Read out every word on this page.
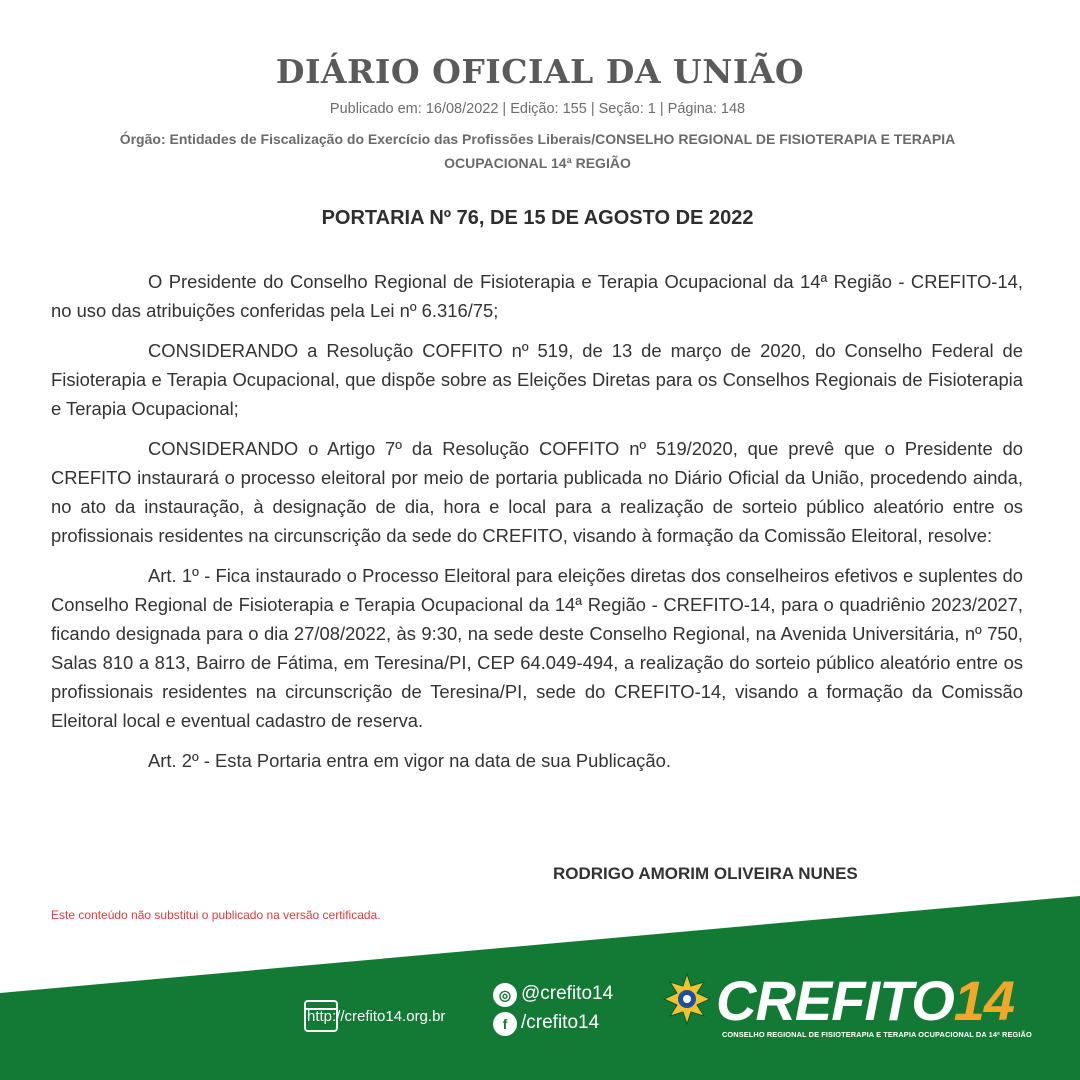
DIÁRIO OFICIAL DA UNIÃO
Publicado em: 16/08/2022 | Edição: 155 | Seção: 1 | Página: 148
Órgão: Entidades de Fiscalização do Exercício das Profissões Liberais/CONSELHO REGIONAL DE FISIOTERAPIA E TERAPIA OCUPACIONAL 14ª REGIÃO
PORTARIA Nº 76, DE 15 DE AGOSTO DE 2022

O Presidente do Conselho Regional de Fisioterapia e Terapia Ocupacional da 14ª Região - CREFITO-14, no uso das atribuições conferidas pela Lei nº 6.316/75;

CONSIDERANDO a Resolução COFFITO nº 519, de 13 de março de 2020, do Conselho Federal de Fisioterapia e Terapia Ocupacional, que dispõe sobre as Eleições Diretas para os Conselhos Regionais de Fisioterapia e Terapia Ocupacional;

CONSIDERANDO o Artigo 7º da Resolução COFFITO nº 519/2020, que prevê que o Presidente do CREFITO instaurará o processo eleitoral por meio de portaria publicada no Diário Oficial da União, procedendo ainda, no ato da instauração, à designação de dia, hora e local para a realização de sorteio público aleatório entre os profissionais residentes na circunscrição da sede do CREFITO, visando à formação da Comissão Eleitoral, resolve:

Art. 1º - Fica instaurado o Processo Eleitoral para eleições diretas dos conselheiros efetivos e suplentes do Conselho Regional de Fisioterapia e Terapia Ocupacional da 14ª Região - CREFITO-14, para o quadriênio 2023/2027, ficando designada para o dia 27/08/2022, às 9:30, na sede deste Conselho Regional, na Avenida Universitária, nº 750, Salas 810 a 813, Bairro de Fátima, em Teresina/PI, CEP 64.049-494, a realização do sorteio público aleatório entre os profissionais residentes na circunscrição de Teresina/PI, sede do CREFITO-14, visando a formação da Comissão Eleitoral local e eventual cadastro de reserva.

Art. 2º - Esta Portaria entra em vigor na data de sua Publicação.

RODRIGO AMORIM OLIVEIRA NUNES
Este conteúdo não substitui o publicado na versão certificada.
http://crefito14.org.br
◎ @crefito14
f /crefito14 CREFITO14
CONSELHO REGIONAL DE FISIOTERAPIA E TERAPIA OCUPACIONAL DA 14ª REGIÃO
